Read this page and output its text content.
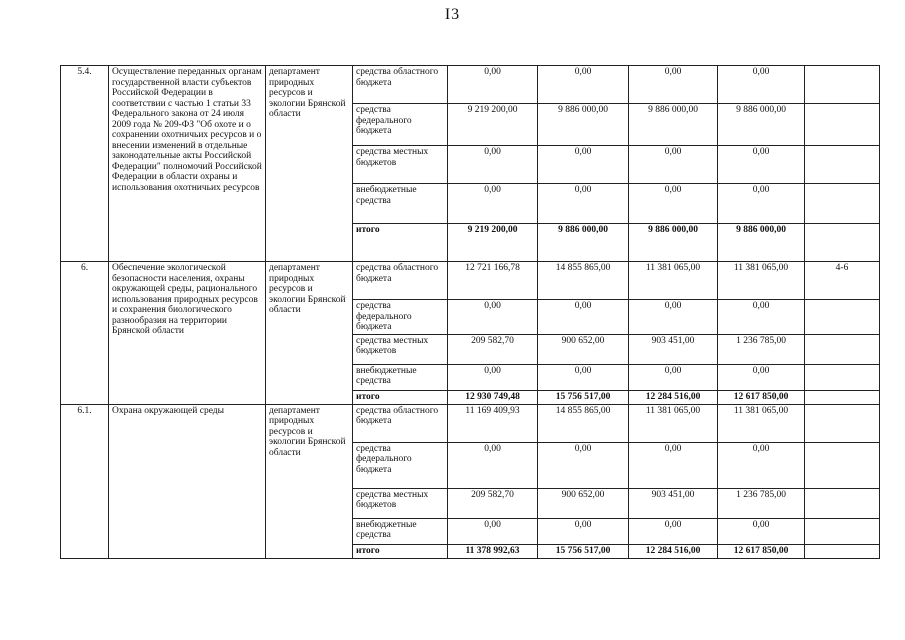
I3
5.4.	Осуществление переданных органам государственной власти субъектов Российской Федерации в соответствии с частью 1 статьи 33 Федерального закона от 24 июля 2009 года № 209-ФЗ "Об охоте и о сохранении охотничьих ресурсов и о внесении изменений в отдельные законодательные акты Российской Федерации" полномочий Российской Федерации в области охраны и использования охотничьих ресурсов	департамент природных ресурсов и экологии Брянской области	средства областного бюджета	0,00	0,00	0,00	0,00	
			средства федерального бюджета	9 219 200,00	9 886 000,00	9 886 000,00	9 886 000,00	
			средства местных бюджетов	0,00	0,00	0,00	0,00	
			внебюджетные средства	0,00	0,00	0,00	0,00	
			итого	9 219 200,00	9 886 000,00	9 886 000,00	9 886 000,00	
6.	Обеспечение экологической безопасности населения, охраны окружающей среды, рационального использования природных ресурсов и сохранения биологического разнообразия на территории Брянской области	департамент природных ресурсов и экологии Брянской области	средства областного бюджета	12 721 166,78	14 855 865,00	11 381 065,00	11 381 065,00	4-6
			средства федерального бюджета	0,00	0,00	0,00	0,00	
			средства местных бюджетов	209 582,70	900 652,00	903 451,00	1 236 785,00	
			внебюджетные средства	0,00	0,00	0,00	0,00	
			итого	12 930 749,48	15 756 517,00	12 284 516,00	12 617 850,00	
6.1.	Охрана окружающей среды	департамент природных ресурсов и экологии Брянской области	средства областного бюджета	11 169 409,93	14 855 865,00	11 381 065,00	11 381 065,00	
			средства федерального бюджета	0,00	0,00	0,00	0,00	
			средства местных бюджетов	209 582,70	900 652,00	903 451,00	1 236 785,00	
			внебюджетные средства	0,00	0,00	0,00	0,00	
			итого	11 378 992,63	15 756 517,00	12 284 516,00	12 617 850,00	
